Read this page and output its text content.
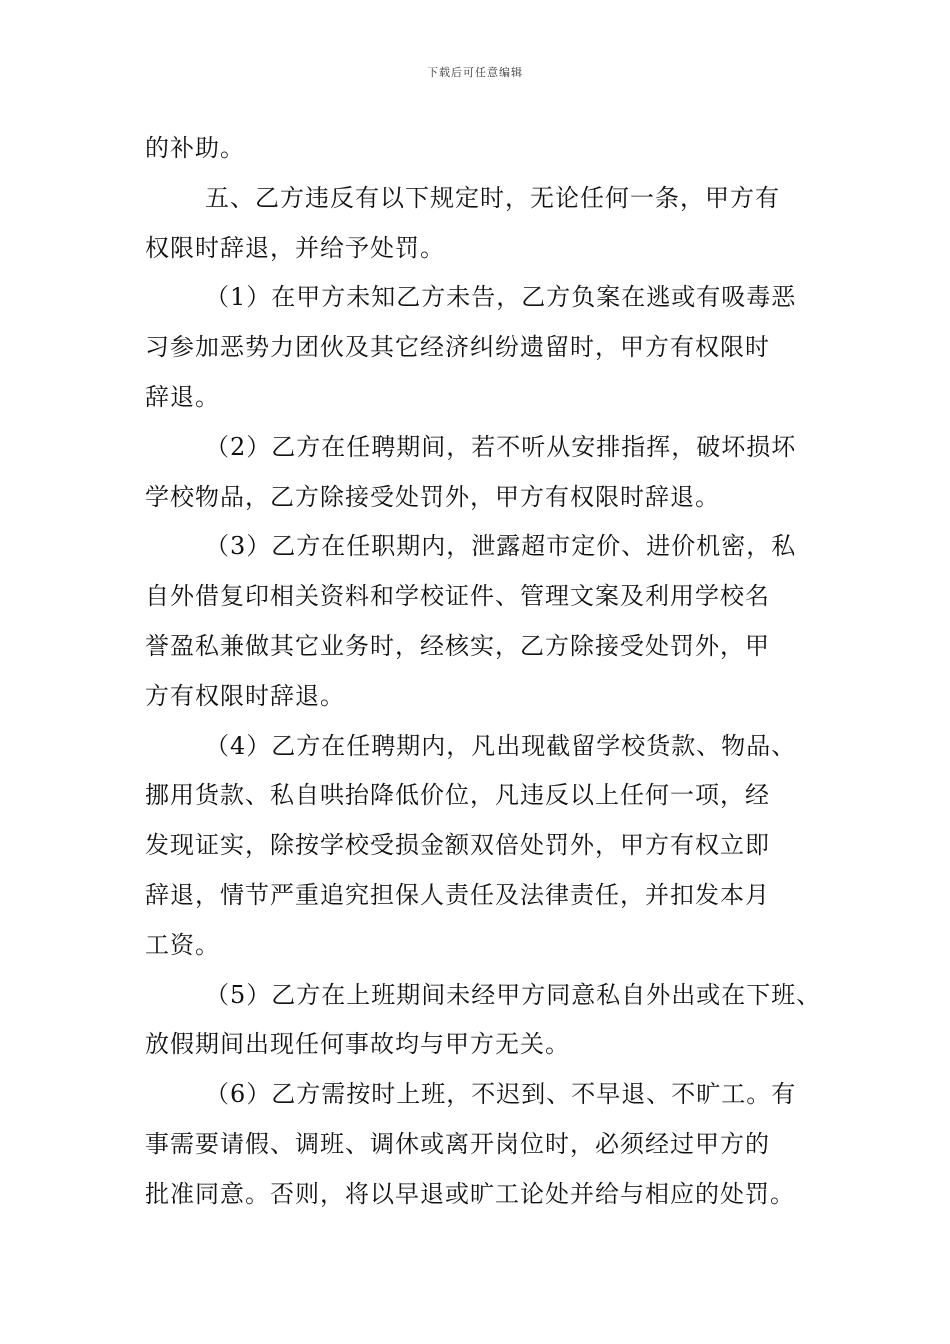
下载后可任意编辑
的补助。
五、乙方违反有以下规定时，无论任何一条，甲方有
权限时辞退，并给予处罚。
（1）在甲方未知乙方未告，乙方负案在逃或有吸毒恶
习参加恶势力团伙及其它经济纠纷遗留时，甲方有权限时
辞退。
（2）乙方在任聘期间，若不听从安排指挥，破坏损坏
学校物品，乙方除接受处罚外，甲方有权限时辞退。
（3）乙方在任职期内，泄露超市定价、进价机密，私
自外借复印相关资料和学校证件、管理文案及利用学校名
誉盈私兼做其它业务时，经核实，乙方除接受处罚外，甲
方有权限时辞退。
（4）乙方在任聘期内，凡出现截留学校货款、物品、
挪用货款、私自哄抬降低价位，凡违反以上任何一项，经
发现证实，除按学校受损金额双倍处罚外，甲方有权立即
辞退，情节严重追究担保人责任及法律责任，并扣发本月
工资。
（5）乙方在上班期间未经甲方同意私自外出或在下班、
放假期间出现任何事故均与甲方无关。
（6）乙方需按时上班，不迟到、不早退、不旷工。有
事需要请假、调班、调休或离开岗位时，必须经过甲方的
批准同意。否则，将以早退或旷工论处并给与相应的处罚。
